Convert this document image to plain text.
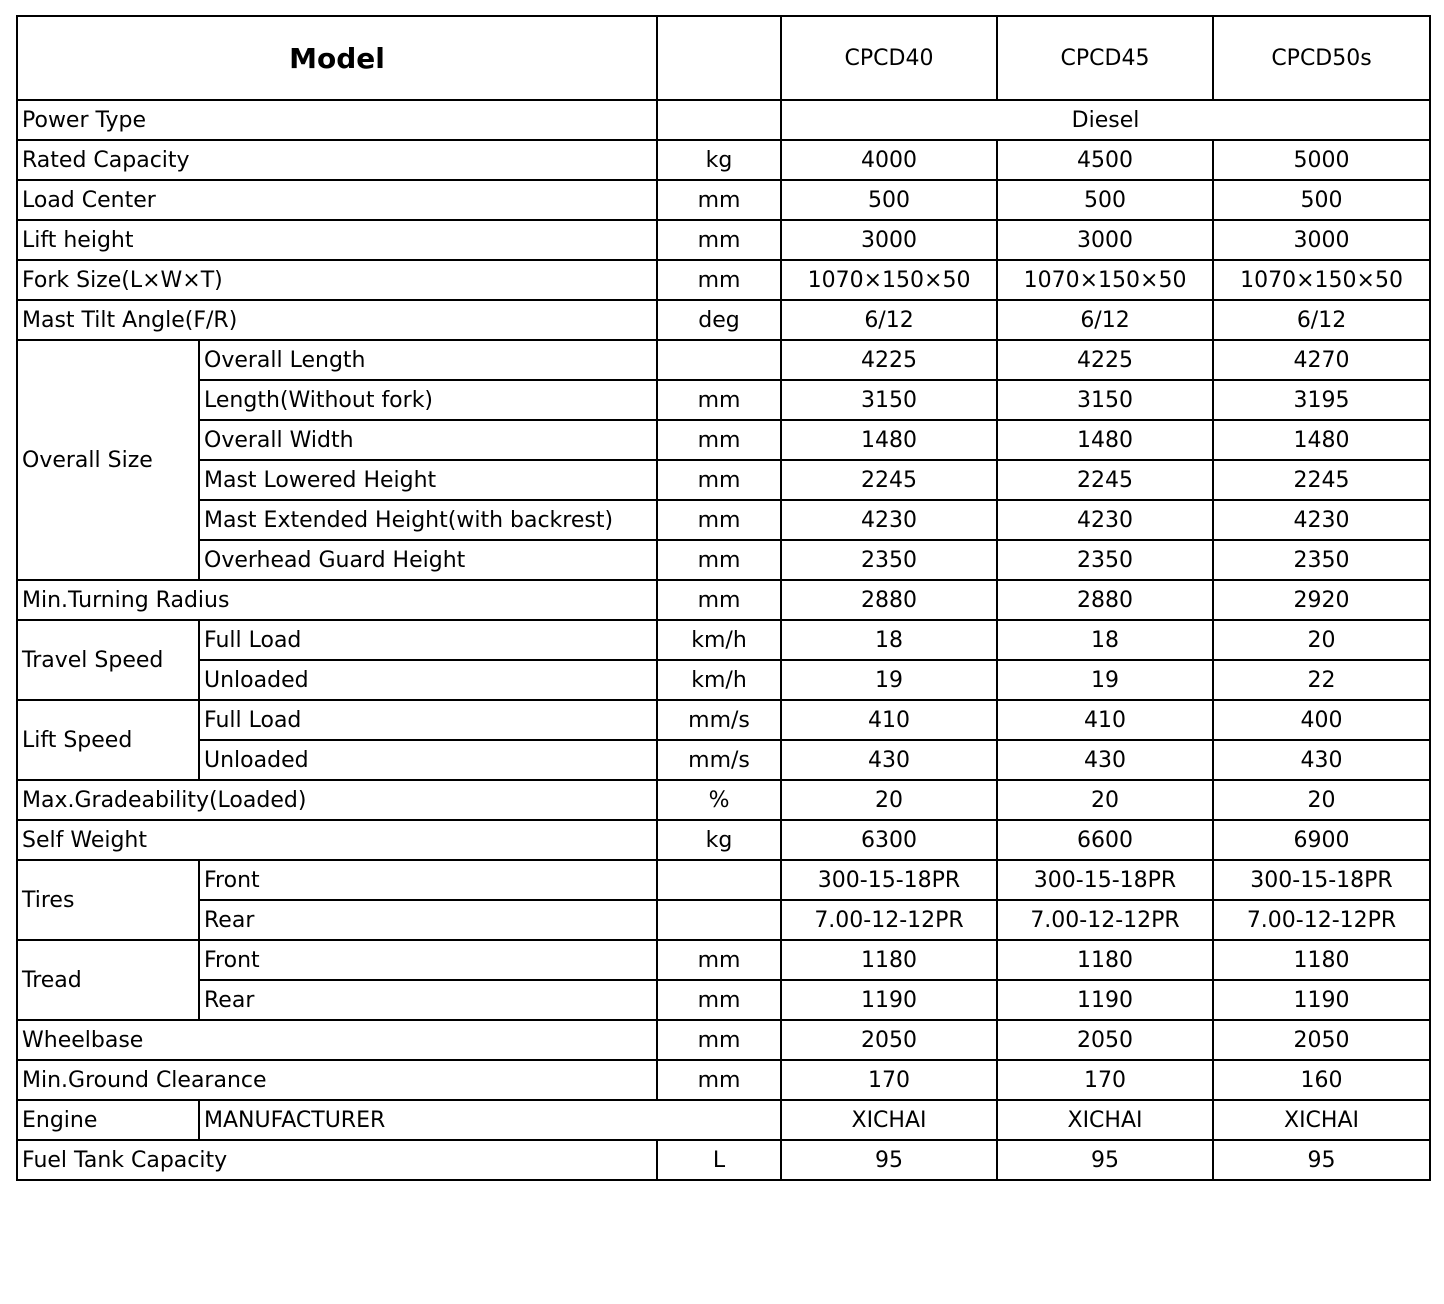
Model			CPCD40	CPCD45	CPCD50s
Power Type			Diesel		
Rated Capacity		kg	4000	4500	5000
Load Center		mm	500	500	500
Lift height		mm	3000	3000	3000
Fork Size(L×W×T)		mm	1070×150×50	1070×150×50	1070×150×50
Mast Tilt Angle(F/R)		deg	6/12	6/12	6/12
Overall Size	Overall Length		4225	4225	4270
	Length(Without fork)	mm	3150	3150	3195
	Overall Width	mm	1480	1480	1480
	Mast Lowered Height	mm	2245	2245	2245
	Mast Extended Height(with backrest)	mm	4230	4230	4230
	Overhead Guard Height	mm	2350	2350	2350
Min.Turning Radius		mm	2880	2880	2920
Travel Speed	Full Load	km/h	18	18	20
	Unloaded	km/h	19	19	22
Lift Speed	Full Load	mm/s	410	410	400
	Unloaded	mm/s	430	430	430
Max.Gradeability(Loaded)		%	20	20	20
Self Weight		kg	6300	6600	6900
Tires	Front		300-15-18PR	300-15-18PR	300-15-18PR
	Rear		7.00-12-12PR	7.00-12-12PR	7.00-12-12PR
Tread	Front	mm	1180	1180	1180
	Rear	mm	1190	1190	1190
Wheelbase		mm	2050	2050	2050
Min.Ground Clearance		mm	170	170	160
Engine	MANUFACTURER		XICHAI	XICHAI	XICHAI
Fuel Tank Capacity		L	95	95	95
